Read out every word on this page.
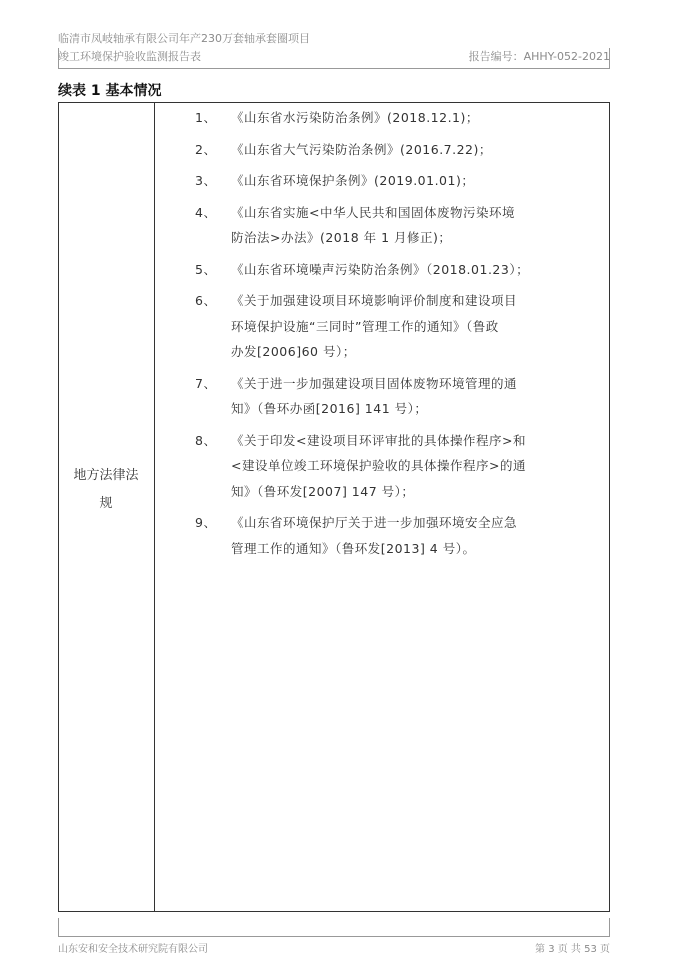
临清市凤岐轴承有限公司年产230万套轴承套圈项目
竣工环境保护验收监测报告表	报告编号：AHHY-052-2021
续表 1 基本情况
地方法律法
规
1、	《山东省水污染防治条例》(2018.12.1)；
2、	《山东省大气污染防治条例》(2016.7.22)；
3、	《山东省环境保护条例》(2019.01.01)；
4、	《山东省实施<中华人民共和国固体废物污染环境
防治法>办法》(2018 年 1 月修正)；
5、	《山东省环境噪声污染防治条例》（2018.01.23）；
6、	《关于加强建设项目环境影响评价制度和建设项目
环境保护设施“三同时”管理工作的通知》（鲁政
办发[2006]60 号）；
7、	《关于进一步加强建设项目固体废物环境管理的通
知》（鲁环办函[2016] 141 号）；
8、	《关于印发<建设项目环评审批的具体操作程序>和
<建设单位竣工环境保护验收的具体操作程序>的通
知》（鲁环发[2007] 147 号）；
9、	《山东省环境保护厅关于进一步加强环境安全应急
管理工作的通知》（鲁环发[2013] 4 号）。
山东安和安全技术研究院有限公司	第 3 页 共 53 页
